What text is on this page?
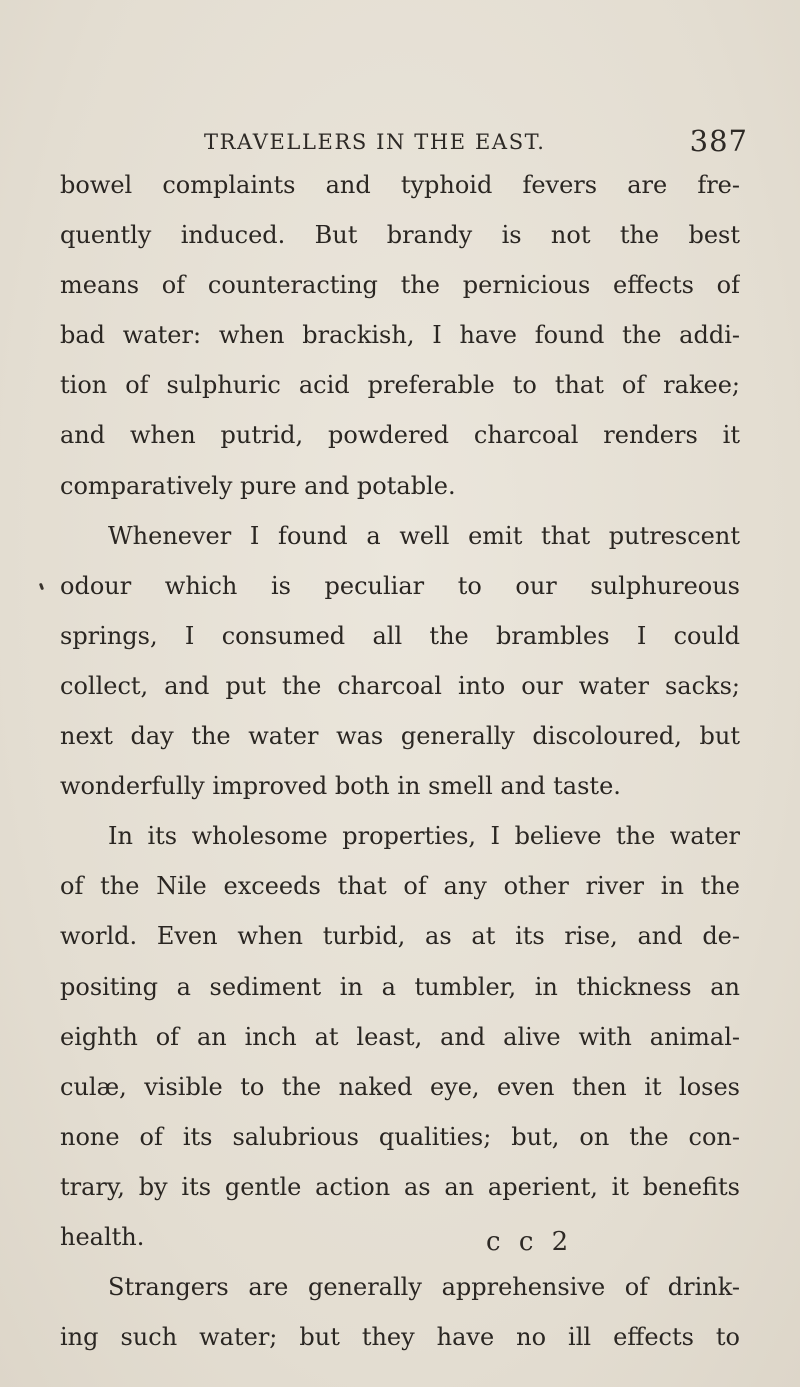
TRAVELLERS IN THE EAST.	387
bowel complaints and typhoid fevers are fre-
quently induced. But brandy is not the best
means of counteracting the pernicious effects of
bad water: when brackish, I have found the addi-
tion of sulphuric acid preferable to that of rakee;
and when putrid, powdered charcoal renders it
comparatively pure and potable.
Whenever I found a well emit that putrescent
odour which is peculiar to our sulphureous
springs, I consumed all the brambles I could
collect, and put the charcoal into our water sacks;
next day the water was generally discoloured, but
wonderfully improved both in smell and taste.
In its wholesome properties, I believe the water
of the Nile exceeds that of any other river in the
world. Even when turbid, as at its rise, and de-
positing a sediment in a tumbler, in thickness an
eighth of an inch at least, and alive with animal-
culæ, visible to the naked eye, even then it loses
none of its salubrious qualities; but, on the con-
trary, by its gentle action as an aperient, it benefits
health.
Strangers are generally apprehensive of drink-
ing such water; but they have no ill effects to
c c 2
